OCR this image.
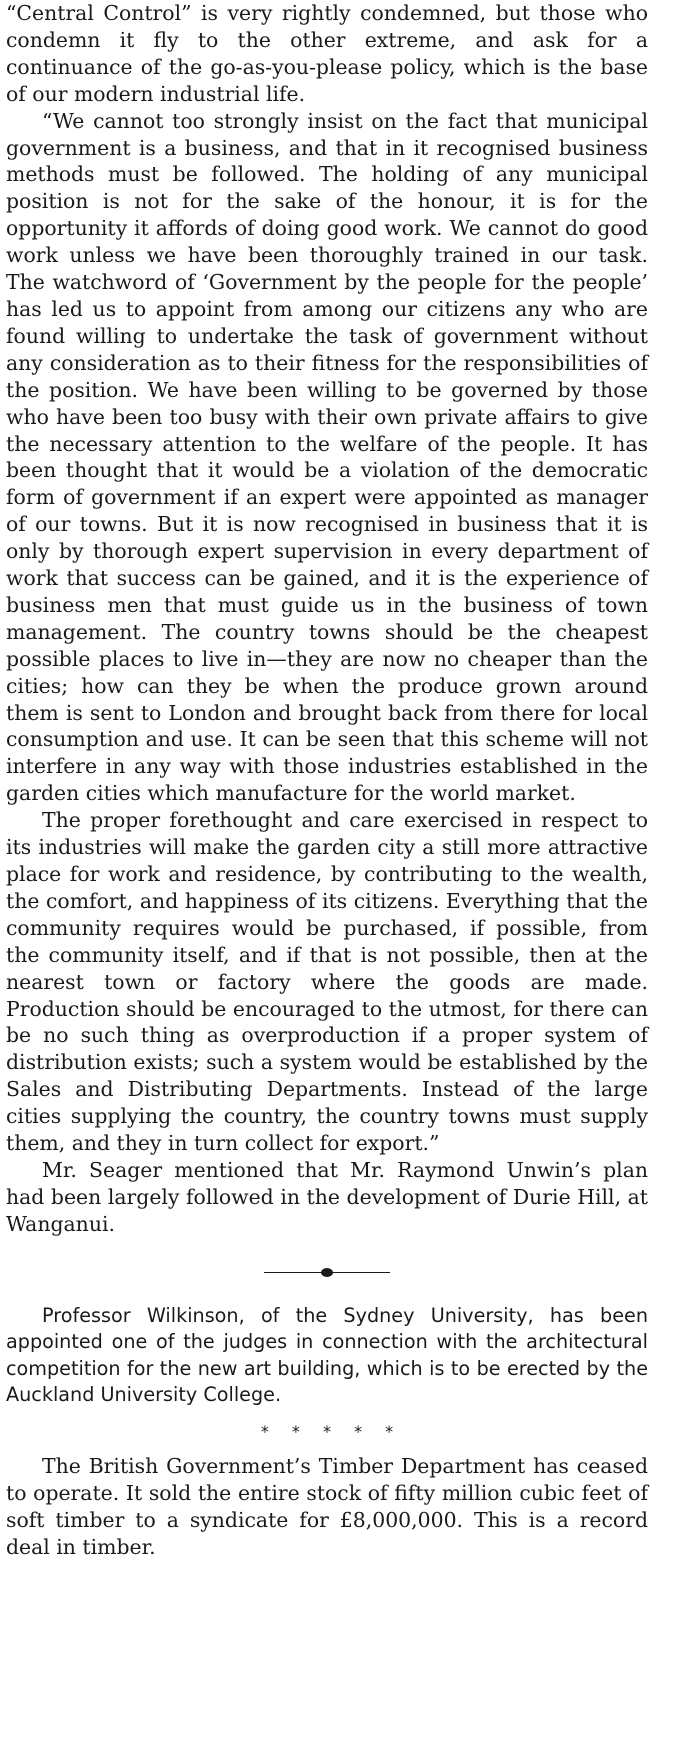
“Central Control” is very rightly condemned, but those who condemn it fly to the other extreme, and ask for a continuance of the go-as-you-please policy, which is the base of our modern industrial life.

“We cannot too strongly insist on the fact that municipal government is a business, and that in it recognised business methods must be followed. The holding of any municipal position is not for the sake of the honour, it is for the opportunity it affords of doing good work. We cannot do good work unless we have been thoroughly trained in our task. The watchword of ‘Government by the people for the people’ has led us to appoint from among our citizens any who are found willing to undertake the task of government without any consideration as to their fitness for the responsibilities of the position. We have been willing to be governed by those who have been too busy with their own private affairs to give the necessary attention to the welfare of the people. It has been thought that it would be a violation of the democratic form of government if an expert were appointed as manager of our towns. But it is now recognised in business that it is only by thorough expert supervision in every department of work that success can be gained, and it is the experience of business men that must guide us in the business of town management. The country towns should be the cheapest possible places to live in—they are now no cheaper than the cities; how can they be when the produce grown around them is sent to London and brought back from there for local consumption and use. It can be seen that this scheme will not interfere in any way with those industries established in the garden cities which manufacture for the world market.

The proper forethought and care exercised in respect to its industries will make the garden city a still more attractive place for work and residence, by contributing to the wealth, the comfort, and happiness of its citizens. Everything that the community requires would be purchased, if possible, from the community itself, and if that is not possible, then at the nearest town or factory where the goods are made. Production should be encouraged to the utmost, for there can be no such thing as overproduction if a proper system of distribution exists; such a system would be established by the Sales and Distributing Departments. Instead of the large cities supplying the country, the country towns must supply them, and they in turn collect for export.”

Mr. Seager mentioned that Mr. Raymond Unwin’s plan had been largely followed in the development of Durie Hill, at Wanganui.

Professor Wilkinson, of the Sydney University, has been appointed one of the judges in connection with the architectural competition for the new art building, which is to be erected by the Auckland University College.

* * * * *

The British Government’s Timber Department has ceased to operate. It sold the entire stock of fifty million cubic feet of soft timber to a syndicate for £8,000,000. This is a record deal in timber.
